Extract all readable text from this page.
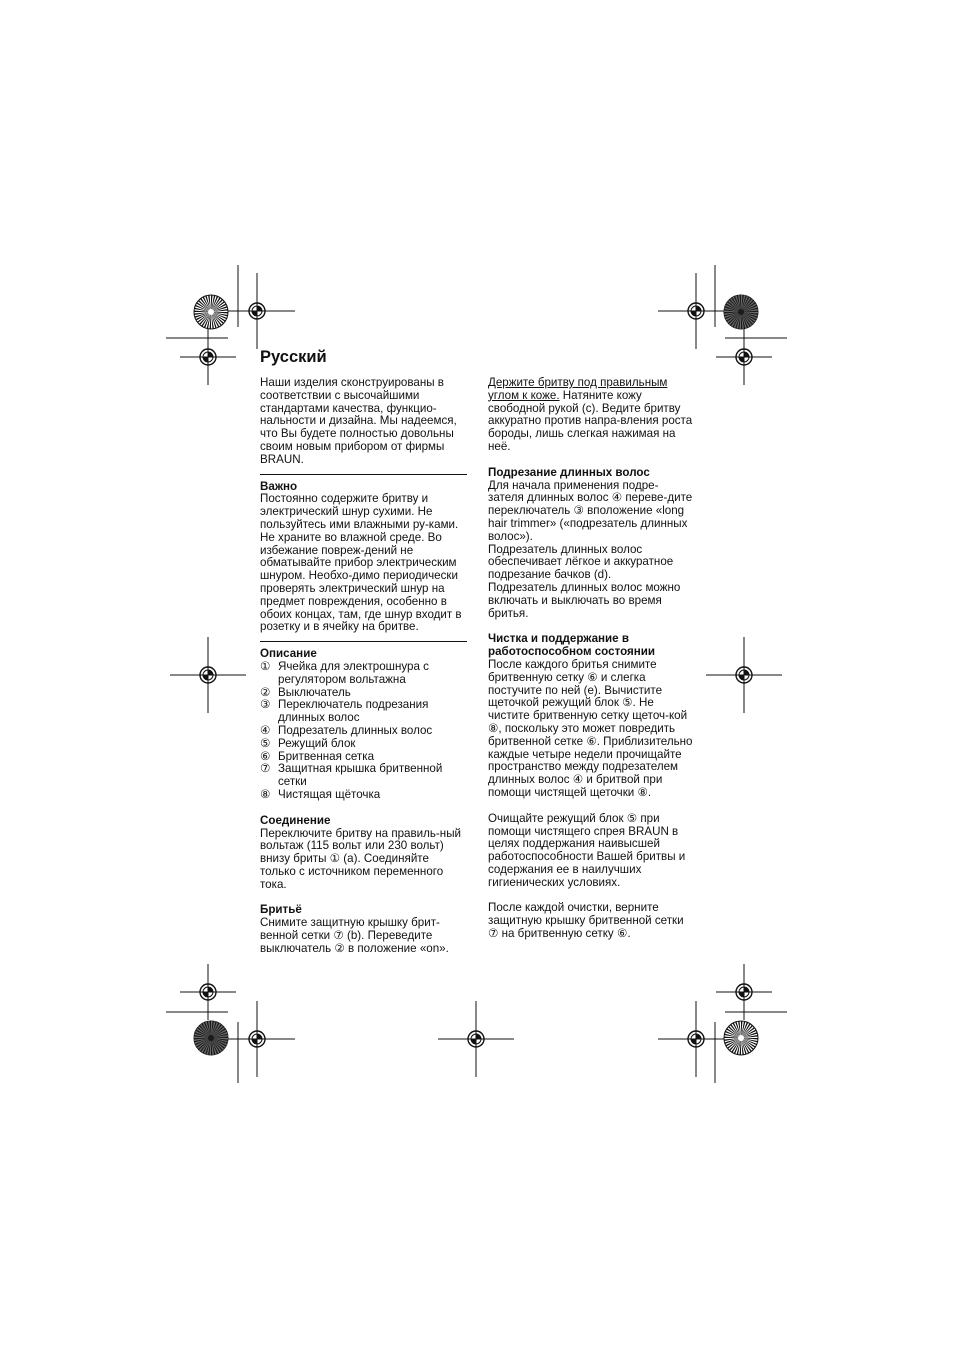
Русский

Наши изделия сконструированы в соответствии с высочайшими стандартами качества, функцио-нальности и дизайна. Мы надеемся, что Вы будете полностью довольны своим новым прибором от фирмы BRAUN.

Важно

Постоянно содержите бритву и электрический шнур сухими. Не пользуйтесь ими влажными ру-ками. Не храните во влажной среде. Во избежание повреж-дений не обматывайте прибор электрическим шнуром. Необхо-димо периодически проверять электрический шнур на предмет повреждения, особенно в обоих концах, там, где шнур входит в розетку и в ячейку на бритве.

Описание

① Ячейка для электрошнура с регулятором вольтажна
② Выключатель
③ Переключатель подрезания длинных волос
④ Подрезатель длинных волос
⑤ Режущий блок
⑥ Бритвенная сетка
⑦ Защитная крышка бритвенной сетки
⑧ Чистящая щёточка

Соединение

Переключите бритву на правиль-ный вольтаж (115 вольт или 230 вольт) внизу бриты ① (a). Соединяйте только с источником переменного тока.

Бритьё

Снимите защитную крышку брит-венной сетки ⑦ (b). Переведите выключатель ② в положение «on».

Держите бритву под правильным углом к коже. Натяните кожу свободной рукой (c). Ведите бритву аккуратно против напра-вления роста бороды, лишь слегкая нажимая на неё.

Подрезание длинных волос

Для начала применения подре-зателя длинных волос ④ переве-дите переключатель ③ вположение «long hair trimmer» («подрезатель длинных волос»).

Подрезатель длинных волос обеспечивает лёгкое и аккуратное подрезание бачков (d).

Подрезатель длинных волос можно включать и выключать во время бритья.

Чистка и поддержание в работоспособном состоянии

После каждого бритья снимите бритвенную сетку ⑥ и слегка постучите по ней (e). Вычистите щеточкой режущий блок ⑤. Не чистите бритвенную сетку щеточ-кой ⑧, поскольку это может повредить бритвенной сетке ⑥. Приблизительно каждые четыре недели прочищайте пространство между подрезателем длинных волос ④ и бритвой при помощи чистящей щеточки ⑧.

Очищайте режущий блок ⑤ при помощи чистящего спрея BRAUN в целях поддержания наивысшей работоспособности Вашей бритвы и содержания ее в наилучших гигиенических условиях.

После каждой очистки, верните защитную крышку бритвенной сетки ⑦ на бритвенную сетку ⑥.
